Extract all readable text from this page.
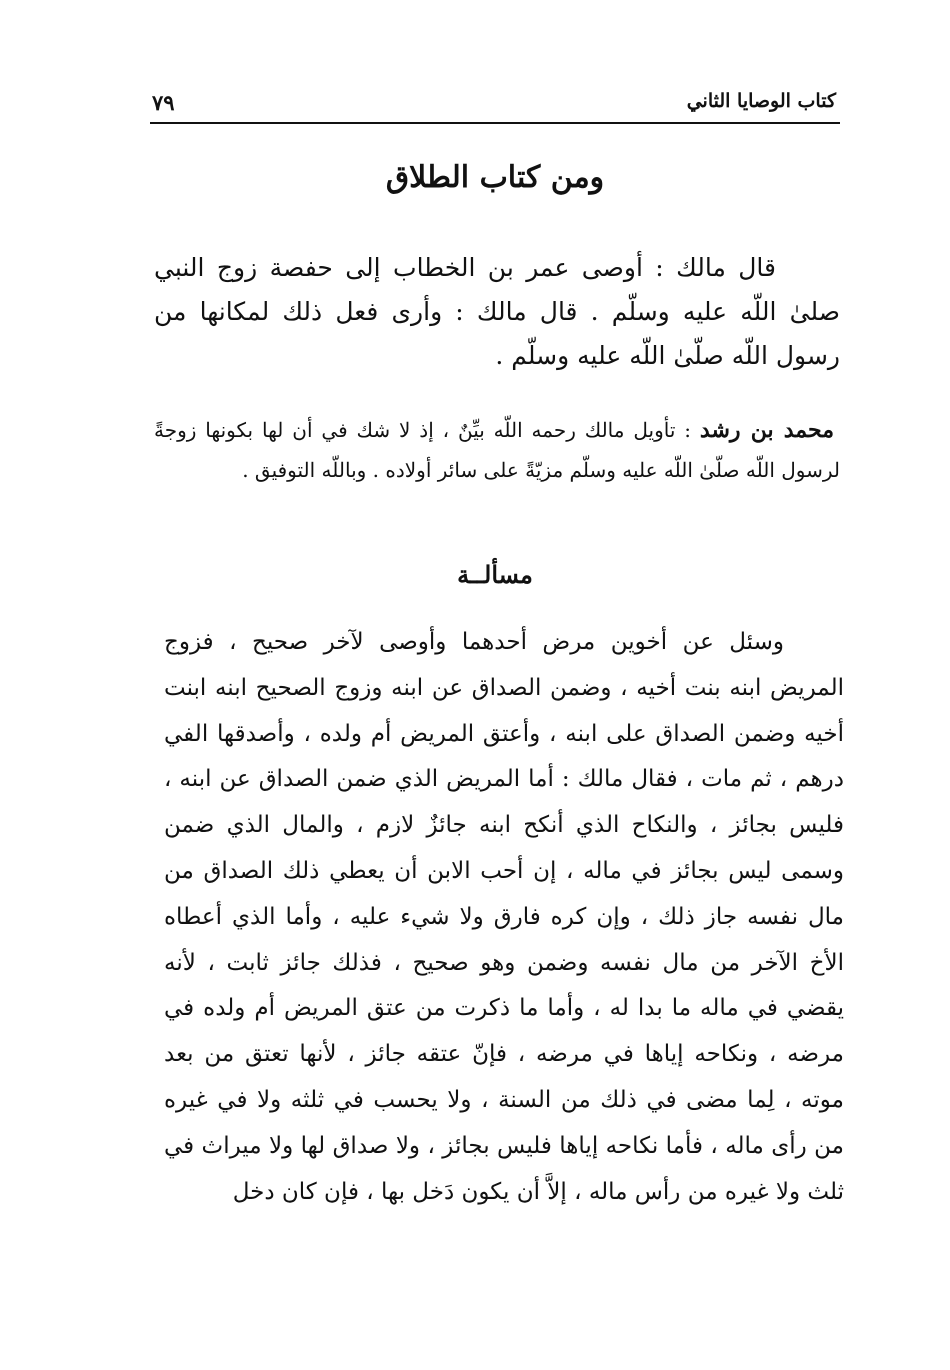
كتاب الوصايا الثاني
٧٩
ومن كتاب الطلاق

قال مالك : أوصى عمر بن الخطاب إلى حفصة زوج النبي صلىٰ اللّه عليه وسلّم . قال مالك : وأرى فعل ذلك لمكانها من رسول اللّه صلّىٰ اللّه عليه وسلّم .

محمد بن رشد : تأويل مالك رحمه اللّه بيِّنٌ ، إذ لا شك في أن لها بكونها زوجةً لرسول اللّه صلّىٰ اللّه عليه وسلّم مزيّةً على سائر أولاده . وباللّه التوفيق .

مسألــة

وسئل عن أخوين مرض أحدهما وأوصى لآخر صحيح ، فزوج المريض ابنه بنت أخيه ، وضمن الصداق عن ابنه وزوج الصحيح ابنه ابنت أخيه وضمن الصداق على ابنه ، وأعتق المريض أم ولده ، وأصدقها الفي درهم ، ثم مات ، فقال مالك : أما المريض الذي ضمن الصداق عن ابنه ، فليس بجائز ، والنكاح الذي أنكح ابنه جائزٌ لازم ، والمال الذي ضمن وسمى ليس بجائز في ماله ، إن أحب الابن أن يعطي ذلك الصداق من مال نفسه جاز ذلك ، وإن كره فارق ولا شيء عليه ، وأما الذي أعطاه الأخ الآخر من مال نفسه وضمن وهو صحيح ، فذلك جائز ثابت ، لأنه يقضي في ماله ما بدا له ، وأما ما ذكرت من عتق المريض أم ولده في مرضه ، ونكاحه إياها في مرضه ، فإنّ عتقه جائز ، لأنها تعتق من بعد موته ، لِما مضى في ذلك من السنة ، ولا يحسب في ثلثه ولا في غيره من رأى ماله ، فأما نكاحه إياها فليس بجائز ، ولا صداق لها ولا ميراث في ثلث ولا غيره من رأس ماله ، إلاَّ أن يكون دَخل بها ، فإن كان دخل
